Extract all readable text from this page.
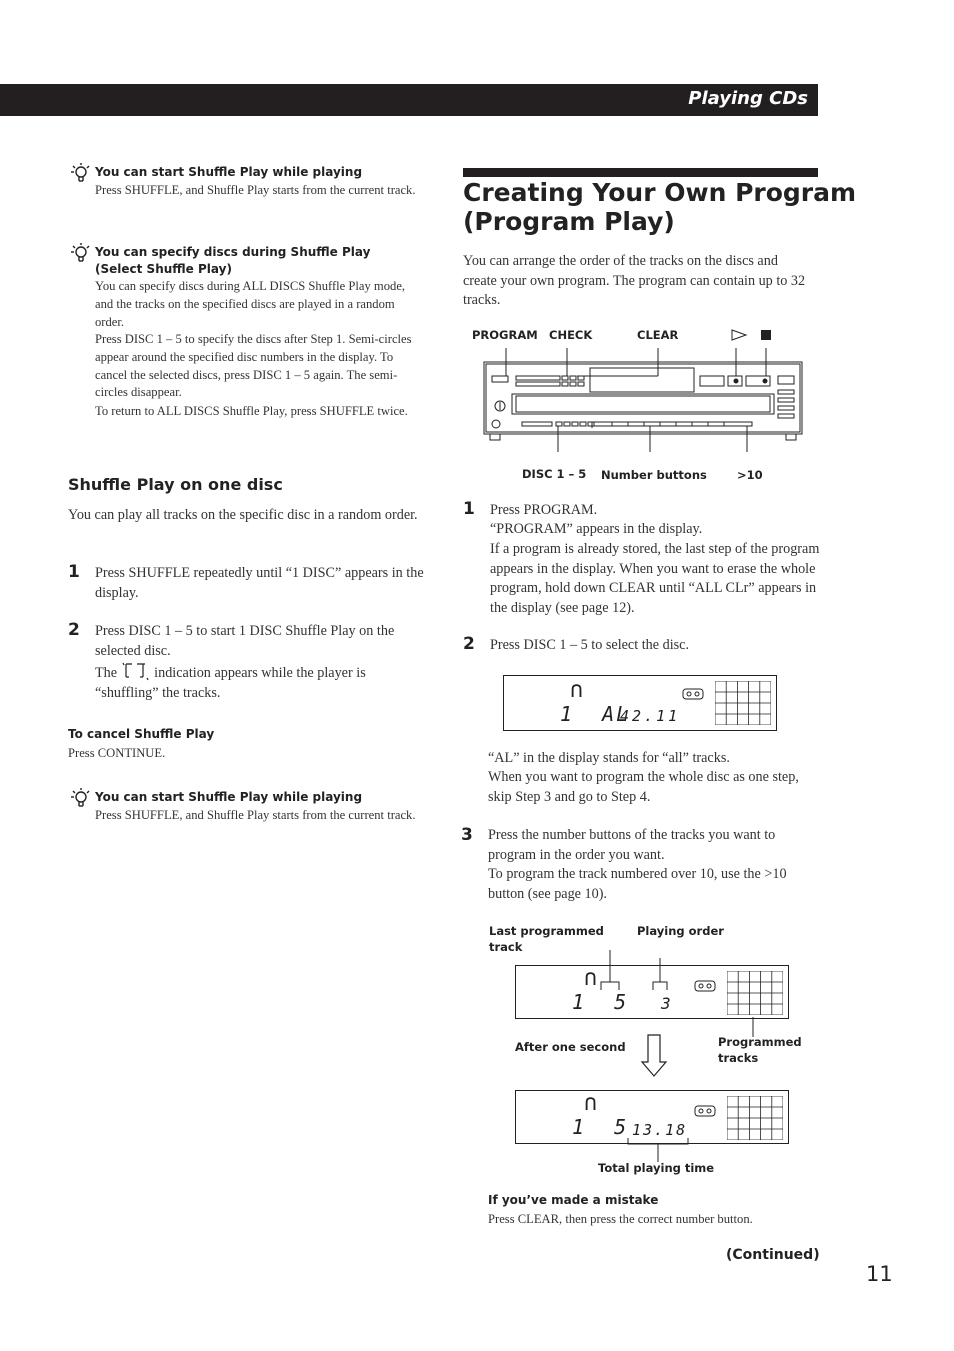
Playing CDs
You can start Shuffle Play while playing
Press SHUFFLE, and Shuffle Play starts from the current track.
You can specify discs during Shuffle Play (Select Shuffle Play)
You can specify discs during ALL DISCS Shuffle Play mode, and the tracks on the specified discs are played in a random order.
Press DISC 1 – 5 to specify the discs after Step 1. Semi-circles appear around the specified disc numbers in the display. To cancel the selected discs, press DISC 1 – 5 again. The semi-circles disappear.
To return to ALL DISCS Shuffle Play, press SHUFFLE twice.
Shuffle Play on one disc
You can play all tracks on the specific disc in a random order.
1 Press SHUFFLE repeatedly until “1 DISC” appears in the display.
2 Press DISC 1 – 5 to start 1 DISC Shuffle Play on the selected disc.
The	indication appears while the player is “shuffling” the tracks.
To cancel Shuffle Play
Press CONTINUE.
You can start Shuffle Play while playing
Press SHUFFLE, and Shuffle Play starts from the current track.
Creating Your Own Program
(Program Play)
You can arrange the order of the tracks on the discs and create your own program. The program can contain up to 32 tracks.
PROGRAM CHECK	CLEAR
DISC 1 – 5 Number buttons	>10
1 Press PROGRAM.
“PROGRAM” appears in the display.
If a program is already stored, the last step of the program appears in the display. When you want to erase the whole program, hold down CLEAR until “ALL CLr” appears in the display (see page 12).
2 Press DISC 1 – 5 to select the disc.
∩
1  AL
42.11
“AL” in the display stands for “all” tracks.
When you want to program the whole disc as one step, skip Step 3 and go to Step 4.
3 Press the number buttons of the tracks you want to program in the order you want.
To program the track numbered over 10, use the >10 button (see page 10).
Last programmed
track
Playing order
∩
1  5 3
After one second	Programmed
tracks
∩
1  5 13.18
Total playing time
If you’ve made a mistake
Press CLEAR, then press the correct number button.
(Continued)
11
